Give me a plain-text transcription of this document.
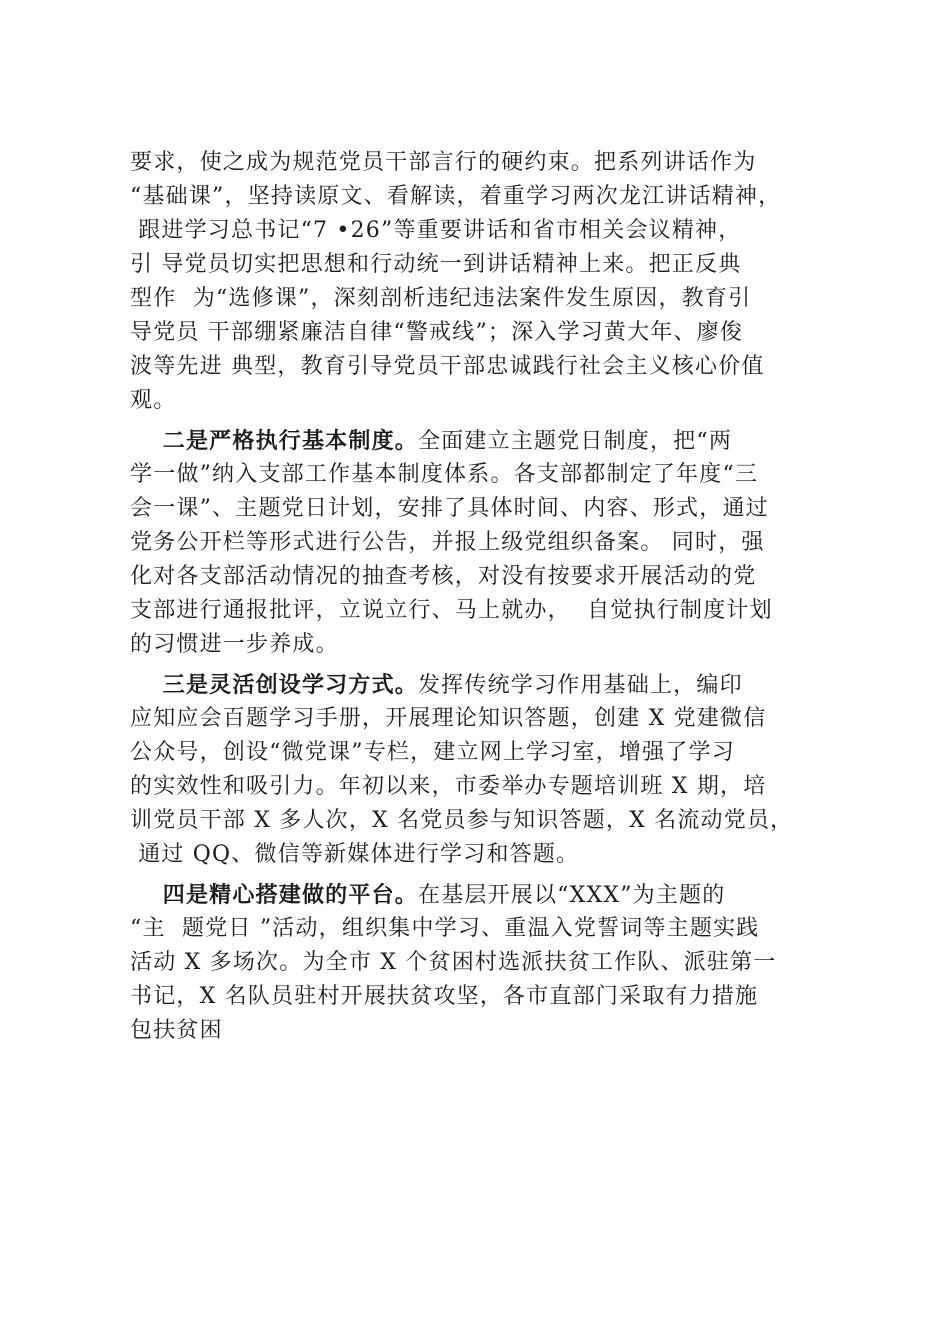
要求，使之成为规范党员干部言行的硬约束。把系列讲话作为
“基础课”，坚持读原文、看解读，着重学习两次龙江讲话精神，
跟进学习总书记“7 •26”等重要讲话和省市相关会议精神，
引 导党员切实把思想和行动统一到讲话精神上来。把正反典
型作  为“选修课”，深刻剖析违纪违法案件发生原因，教育引
导党员 干部绷紧廉洁自律“警戒线”；深入学习黄大年、廖俊
波等先进 典型，教育引导党员干部忠诚践行社会主义核心价值
观。
二是严格执行基本制度。全面建立主题党日制度，把“两
学一做”纳入支部工作基本制度体系。各支部都制定了年度“三
会一课”、主题党日计划，安排了具体时间、内容、形式，通过
党务公开栏等形式进行公告，并报上级党组织备案。 同时，强
化对各支部活动情况的抽查考核，对没有按要求开展活动的党
支部进行通报批评，立说立行、马上就办，  自觉执行制度计划
的习惯进一步养成。
三是灵活创设学习方式。发挥传统学习作用基础上，编印
应知应会百题学习手册，开展理论知识答题，创建 X 党建微信
公众号，创设“微党课”专栏，建立网上学习室，增强了学习
的实效性和吸引力。年初以来，市委举办专题培训班 X 期，培
训党员干部 X 多人次，X 名党员参与知识答题，X 名流动党员，
通过 QQ、微信等新媒体进行学习和答题。
四是精心搭建做的平台。在基层开展以“XXX”为主题的
“主  题党日 ”活动，组织集中学习、重温入党誓词等主题实践
活动 X 多场次。为全市 X 个贫困村选派扶贫工作队、派驻第一
书记，X 名队员驻村开展扶贫攻坚，各市直部门采取有力措施
包扶贫困
